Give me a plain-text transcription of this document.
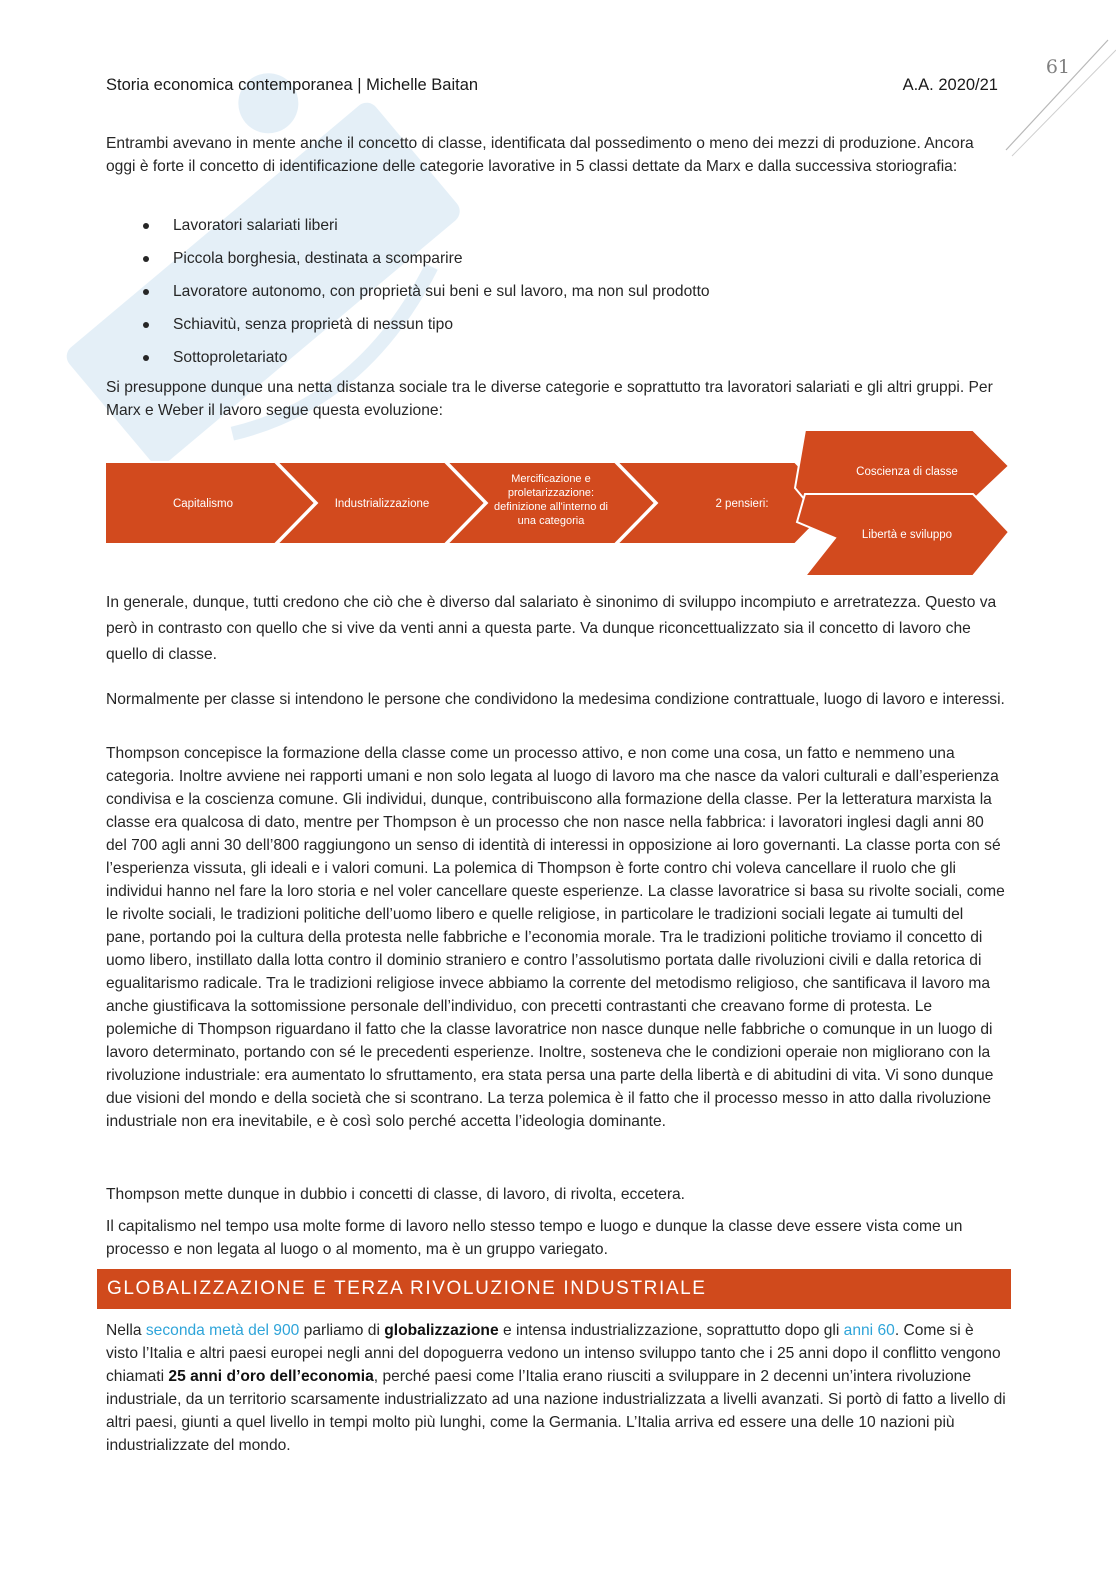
61
Storia economica contemporanea | Michelle Baitan	A.A. 2020/21
Entrambi avevano in mente anche il concetto di classe, identificata dal possedimento o meno dei mezzi di produzione. Ancora oggi è forte il concetto di identificazione delle categorie lavorative in 5 classi dettate da Marx e dalla successiva storiografia:
Lavoratori salariati liberi
Piccola borghesia, destinata a scomparire
Lavoratore autonomo, con proprietà sui beni e sul lavoro, ma non sul prodotto
Schiavitù, senza proprietà di nessun tipo
Sottoproletariato
Si presuppone dunque una netta distanza sociale tra le diverse categorie e soprattutto tra lavoratori salariati e gli altri gruppi. Per Marx e Weber il lavoro segue questa evoluzione:
Capitalismo	Industrializzazione	2 pensieri:
Coscienza di classe
Libertà e sviluppo
Mercificazione e proletarizzazione: definizione all'interno di una categoria
In generale, dunque, tutti credono che ciò che è diverso dal salariato è sinonimo di sviluppo incompiuto e arretratezza. Questo va però in contrasto con quello che si vive da venti anni a questa parte. Va dunque riconcettualizzato sia il concetto di lavoro che quello di classe.
Normalmente per classe si intendono le persone che condividono la medesima condizione contrattuale, luogo di lavoro e interessi.
Thompson concepisce la formazione della classe come un processo attivo, e non come una cosa, un fatto e nemmeno una categoria. Inoltre avviene nei rapporti umani e non solo legata al luogo di lavoro ma che nasce da valori culturali e dall’esperienza condivisa e la coscienza comune. Gli individui, dunque, contribuiscono alla formazione della classe. Per la letteratura marxista la classe era qualcosa di dato, mentre per Thompson è un processo che non nasce nella fabbrica: i lavoratori inglesi dagli anni 80 del 700 agli anni 30 dell’800 raggiungono un senso di identità di interessi in opposizione ai loro governanti. La classe porta con sé l’esperienza vissuta, gli ideali e i valori comuni. La polemica di Thompson è forte contro chi voleva cancellare il ruolo che gli individui hanno nel fare la loro storia e nel voler cancellare queste esperienze. La classe lavoratrice si basa su rivolte sociali, come le rivolte sociali, le tradizioni politiche dell’uomo libero e quelle religiose, in particolare le tradizioni sociali legate ai tumulti del pane, portando poi la cultura della protesta nelle fabbriche e l’economia morale. Tra le tradizioni politiche troviamo il concetto di uomo libero, instillato dalla lotta contro il dominio straniero e contro l’assolutismo portata dalle rivoluzioni civili e dalla retorica di egualitarismo radicale. Tra le tradizioni religiose invece abbiamo la corrente del metodismo religioso, che santificava il lavoro ma anche giustificava la sottomissione personale dell’individuo, con precetti contrastanti che creavano forme di protesta. Le polemiche di Thompson riguardano il fatto che la classe lavoratrice non nasce dunque nelle fabbriche o comunque in un luogo di lavoro determinato, portando con sé le precedenti esperienze. Inoltre, sosteneva che le condizioni operaie non migliorano con la rivoluzione industriale: era aumentato lo sfruttamento, era stata persa una parte della libertà e di abitudini di vita. Vi sono dunque due visioni del mondo e della società che si scontrano. La terza polemica è il fatto che il processo messo in atto dalla rivoluzione industriale non era inevitabile, e è così solo perché accetta l’ideologia dominante.
Thompson mette dunque in dubbio i concetti di classe, di lavoro, di rivolta, eccetera.
Il capitalismo nel tempo usa molte forme di lavoro nello stesso tempo e luogo e dunque la classe deve essere vista come un processo e non legata al luogo o al momento, ma è un gruppo variegato.
GLOBALIZZAZIONE E TERZA RIVOLUZIONE INDUSTRIALE
Nella seconda metà del 900 parliamo di globalizzazione e intensa industrializzazione, soprattutto dopo gli anni 60. Come si è visto l’Italia e altri paesi europei negli anni del dopoguerra vedono un intenso sviluppo tanto che i 25 anni dopo il conflitto vengono chiamati 25 anni d’oro dell’economia, perché paesi come l’Italia erano riusciti a sviluppare in 2 decenni un’intera rivoluzione industriale, da un territorio scarsamente industrializzato ad una nazione industrializzata a livelli avanzati. Si portò di fatto a livello di altri paesi, giunti a quel livello in tempi molto più lunghi, come la Germania. L’Italia arriva ed essere una delle 10 nazioni più industrializzate del mondo.
